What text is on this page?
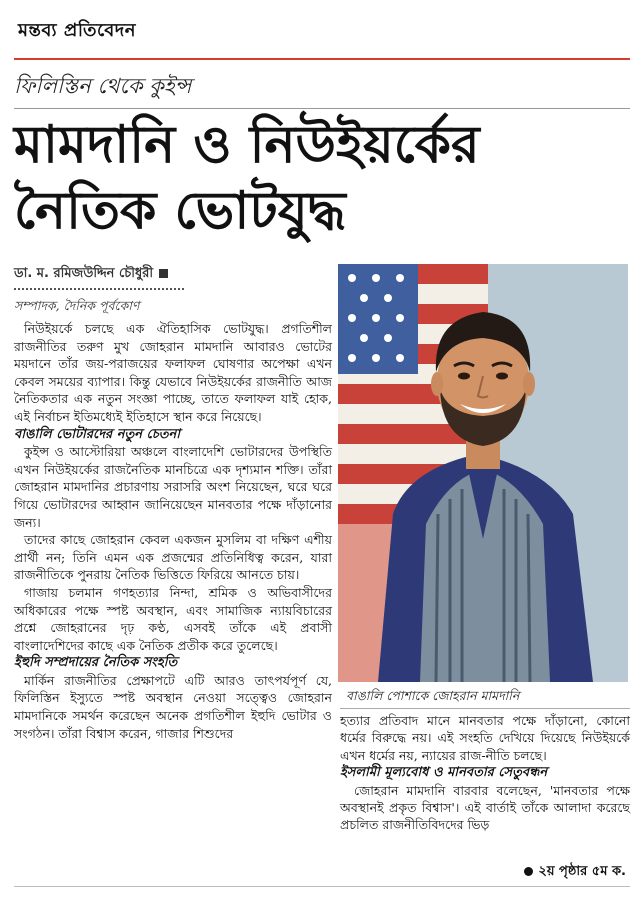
মন্তব্য প্রতিবেদন
ফিলিস্তিন থেকে কুইন্স
মামদানি ও নিউইয়র্কের
নৈতিক ভোটযুদ্ধ
ডা. ম. রমিজউদ্দিন চৌধুরী
সম্পাদক, দৈনিক পূর্বকোণ

নিউইয়র্কে চলছে এক ঐতিহাসিক ভোটযুদ্ধ। প্রগতিশীল রাজনীতির তরুণ মুখ জোহরান মামদানি আবারও ভোটের ময়দানে তাঁর জয়-পরাজয়ের ফলাফল ঘোষণার অপেক্ষা এখন কেবল সময়ের ব্যাপার। কিন্তু যেভাবে নিউইয়র্কের রাজনীতি আজ নৈতিকতার এক নতুন সংজ্ঞা পাচ্ছে, তাতে ফলাফল যাই হোক, এই নির্বাচন ইতিমধ্যেই ইতিহাসে স্থান করে নিয়েছে।

বাঙালি ভোটারদের নতুন চেতনা

কুইন্স ও আস্টোরিয়া অঞ্চলে বাংলাদেশি ভোটারদের উপস্থিতি এখন নিউইয়র্কের রাজনৈতিক মানচিত্রে এক দৃশ্যমান শক্তি। তাঁরা জোহরান মামদানির প্রচারণায় সরাসরি অংশ নিয়েছেন, ঘরে ঘরে গিয়ে ভোটারদের আহ্বান জানিয়েছেন মানবতার পক্ষে দাঁড়ানোর জন্য।

তাদের কাছে জোহরান কেবল একজন মুসলিম বা দক্ষিণ এশীয় প্রার্থী নন; তিনি এমন এক প্রজন্মের প্রতিনিধিত্ব করেন, যারা রাজনীতিকে পুনরায় নৈতিক ভিত্তিতে ফিরিয়ে আনতে চায়।

গাজায় চলমান গণহত্যার নিন্দা, শ্রমিক ও অভিবাসীদের অধিকারের পক্ষে স্পষ্ট অবস্থান, এবং সামাজিক ন্যায়বিচারের প্রশ্নে জোহরানের দৃঢ় কণ্ঠ, এসবই তাঁকে এই প্রবাসী বাংলাদেশিদের কাছে এক নৈতিক প্রতীক করে তুলেছে।

ইহুদি সম্প্রদায়ের নৈতিক সংহতি

মার্কিন রাজনীতির প্রেক্ষাপটে এটি আরও তাৎপর্যপূর্ণ যে, ফিলিস্তিন ইস্যুতে স্পষ্ট অবস্থান নেওয়া সত্ত্বেও জোহরান মামদানিকে সমর্থন করেছেন অনেক প্রগতিশীল ইহুদি ভোটার ও সংগঠন। তাঁরা বিশ্বাস করেন, গাজার শিশুদের

বাঙালি পোশাকে জোহরান মামদানি

হত্যার প্রতিবাদ মানে মানবতার পক্ষে দাঁড়ানো, কোনো ধর্মের বিরুদ্ধে নয়। এই সংহতি দেখিয়ে দিয়েছে নিউইয়র্কে এখন ধর্মের নয়, ন্যায়ের রাজ-নীতি চলছে।

ইসলামী মূল্যবোধ ও মানবতার সেতুবন্ধন

জোহরান মামদানি বারবার বলেছেন, 'মানবতার পক্ষে অবস্থানই প্রকৃত বিশ্বাস'। এই বার্তাই তাঁকে আলাদা করেছে প্রচলিত রাজনীতিবিদদের ভিড়

২য় পৃষ্ঠার ৫ম ক.
